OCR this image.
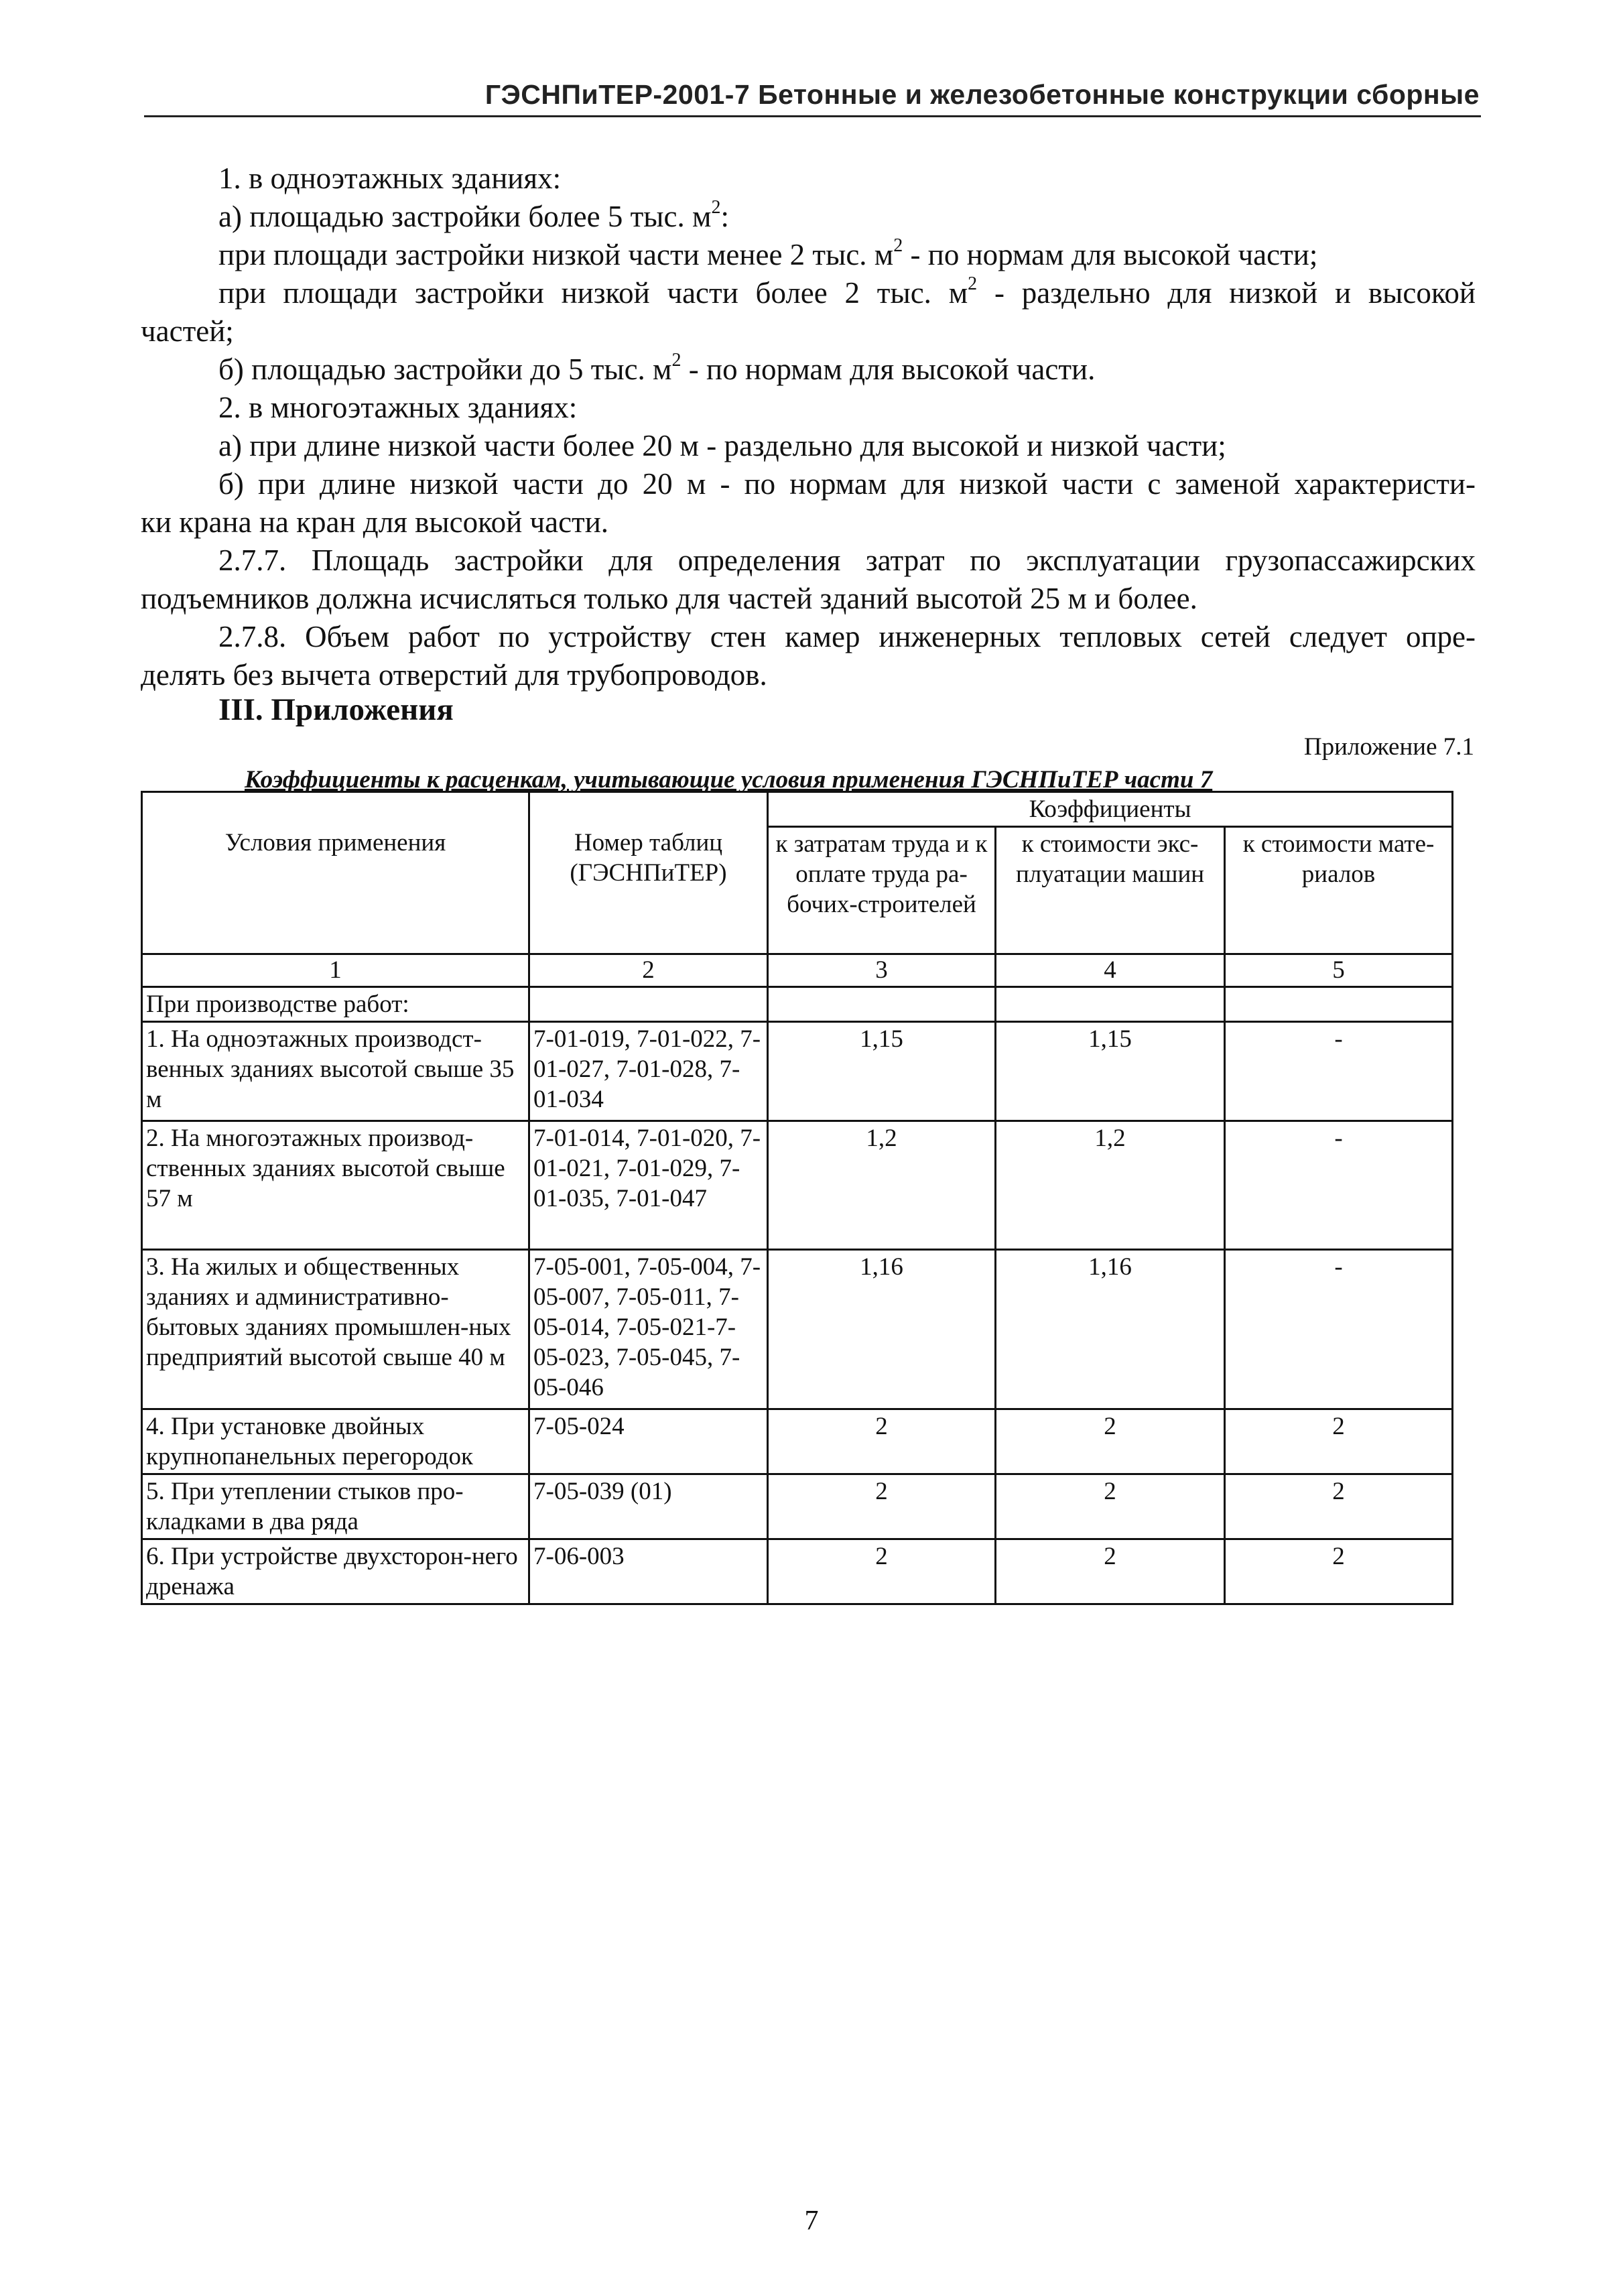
ГЭСНПиТЕР-2001-7 Бетонные и железобетонные конструкции сборные

1. в одноэтажных зданиях:

а) площадью застройки более 5 тыс. $м^2$:

при площади застройки низкой части менее 2 тыс. $м^2$ - по нормам для высокой части;

при площади застройки низкой части более 2 тыс. $м^2$ - раздельно для низкой и высокой

частей;

б) площадью застройки до 5 тыс. $м^2$ - по нормам для высокой части.

2. в многоэтажных зданиях:

а) при длине низкой части более 20 м - раздельно для высокой и низкой части;

б) при длине низкой части до 20 м - по нормам для низкой части с заменой характеристи-

ки крана на кран для высокой части.

2.7.7. Площадь застройки для определения затрат по эксплуатации грузопассажирских

подъемников должна исчисляться только для частей зданий высотой 25 м и более.

2.7.8. Объем работ по устройству стен камер инженерных тепловых сетей следует опре-

делять без вычета отверстий для трубопроводов.

III. Приложения
Приложение 7.1
Коэффициенты к расценкам, учитывающие условия применения ГЭСНПиТЕР части 7
Условия применения	Номер таблиц (ГЭСНПиТЕР)	Коэффициенты		
		к затратам труда и к оплате труда ра-бочих-строителей	к стоимости экс-плуатации машин	к стоимости мате-риалов
1	2	3	4	5
При производстве работ:				
1. На одноэтажных производст-венных зданиях высотой свыше 35 м	7-01-019, 7-01-022, 7-01-027, 7-01-028, 7-01-034	1,15	1,15	-
2. На многоэтажных производ-ственных зданиях высотой свыше 57 м	7-01-014, 7-01-020, 7-01-021, 7-01-029, 7-01-035, 7-01-047	1,2	1,2	-
3. На жилых и общественных зданиях и административно-бытовых зданиях промышлен-ных предприятий высотой свыше 40 м	7-05-001, 7-05-004, 7-05-007, 7-05-011, 7-05-014, 7-05-021-7-05-023, 7-05-045, 7-05-046	1,16	1,16	-
4. При установке двойных крупнопанельных перегородок	7-05-024	2	2	2
5. При утеплении стыков про-кладками в два ряда	7-05-039 (01)	2	2	2
6. При устройстве двухсторон-него дренажа	7-06-003	2	2	2
7
